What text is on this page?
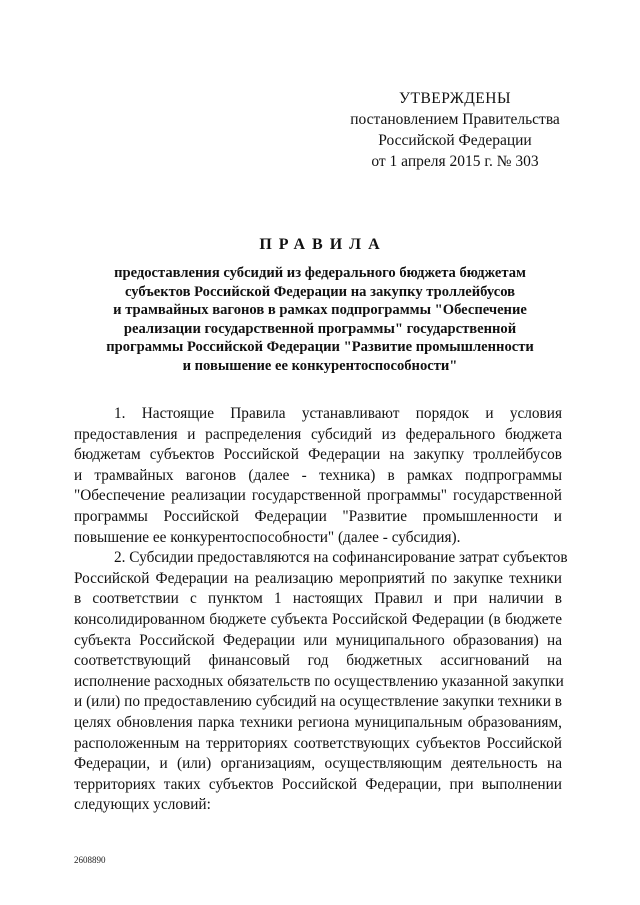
УТВЕРЖДЕНЫ
постановлением Правительства
Российской Федерации
от 1 апреля 2015 г. № 303
ПРАВИЛА
предоставления субсидий из федерального бюджета бюджетам
субъектов Российской Федерации на закупку троллейбусов
и трамвайных вагонов в рамках подпрограммы "Обеспечение
реализации государственной программы" государственной
программы Российской Федерации "Развитие промышленности
и повышение ее конкурентоспособности"
1. Настоящие Правила устанавливают порядок и условия
предоставления и распределения субсидий из федерального бюджета
бюджетам субъектов Российской Федерации на закупку троллейбусов
и трамвайных вагонов (далее - техника) в рамках подпрограммы
"Обеспечение реализации государственной программы" государственной
программы Российской Федерации "Развитие промышленности и
повышение ее конкурентоспособности" (далее - субсидия).
2. Субсидии предоставляются на софинансирование затрат субъектов
Российской Федерации на реализацию мероприятий по закупке техники
в соответствии с пунктом 1 настоящих Правил и при наличии в
консолидированном бюджете субъекта Российской Федерации (в бюджете
субъекта Российской Федерации или муниципального образования) на
соответствующий финансовый год бюджетных ассигнований на
исполнение расходных обязательств по осуществлению указанной закупки
и (или) по предоставлению субсидий на осуществление закупки техники в
целях обновления парка техники региона муниципальным образованиям,
расположенным на территориях соответствующих субъектов Российской
Федерации, и (или) организациям, осуществляющим деятельность на
территориях таких субъектов Российской Федерации, при выполнении
следующих условий:
2608890
